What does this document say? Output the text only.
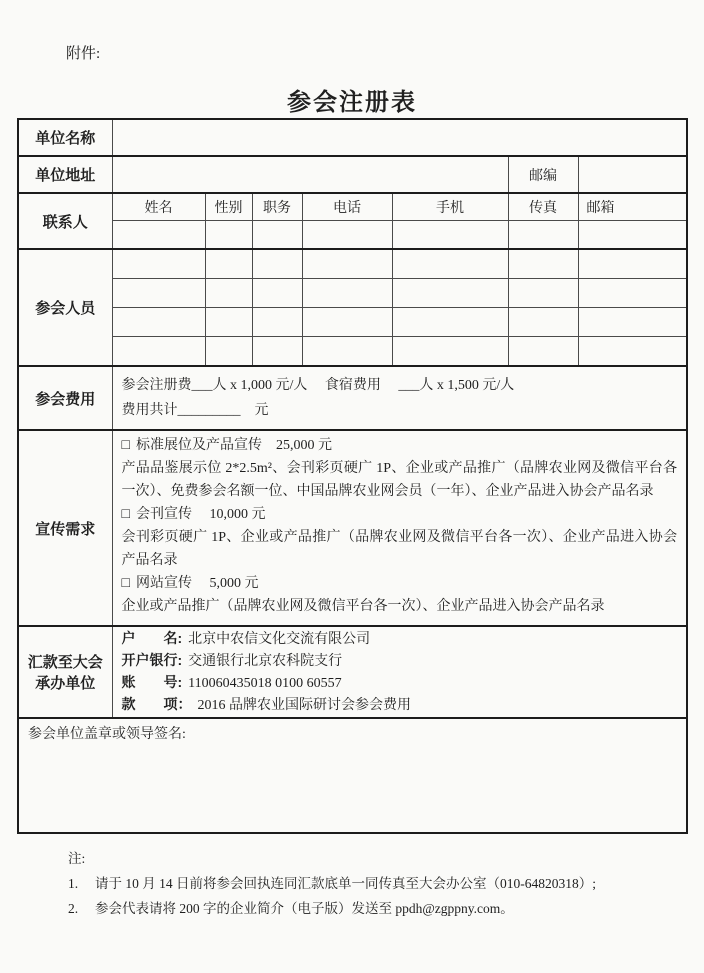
附件:
参会注册表
单位名称							
单位地址						邮编	
联系人	姓名	性别	职务	电话	手机	传真	邮箱

参会人员							

参会费用	参会注册费___人 x 1,000 元/人　 食宿费用　 ___人 x 1,500 元/人
费用共计_________　元						

宣传需求	
□ 标准展位及产品宣传　25,000 元
产品品鉴展示位 2*2.5m²、会刊彩页硬广 1P、企业或产品推广（品牌农业网及微信平台各一次）、免费参会名额一位、中国品牌农业网会员（一年）、企业产品进入协会产品名录
□ 会刊宣传　 10,000 元
会刊彩页硬广 1P、企业或产品推广（品牌农业网及微信平台各一次）、企业产品进入协会产品名录
□ 网站宣传　 5,000 元
企业或产品推广（品牌农业网及微信平台各一次）、企业产品进入协会产品名录

汇款至大会
承办单位

户　　名: 北京中农信文化交流有限公司
开户银行: 交通银行北京农科院支行
账　　号: 110060435018 0100 60557
款　　项： 2016 品牌农业国际研讨会参会费用

参会单位盖章或领导签名:							
注:
1.	请于 10 月 14 日前将参会回执连同汇款底单一同传真至大会办公室（010-64820318）;
2.	参会代表请将 200 字的企业简介（电子版）发送至 ppdh@zgppny.com。
